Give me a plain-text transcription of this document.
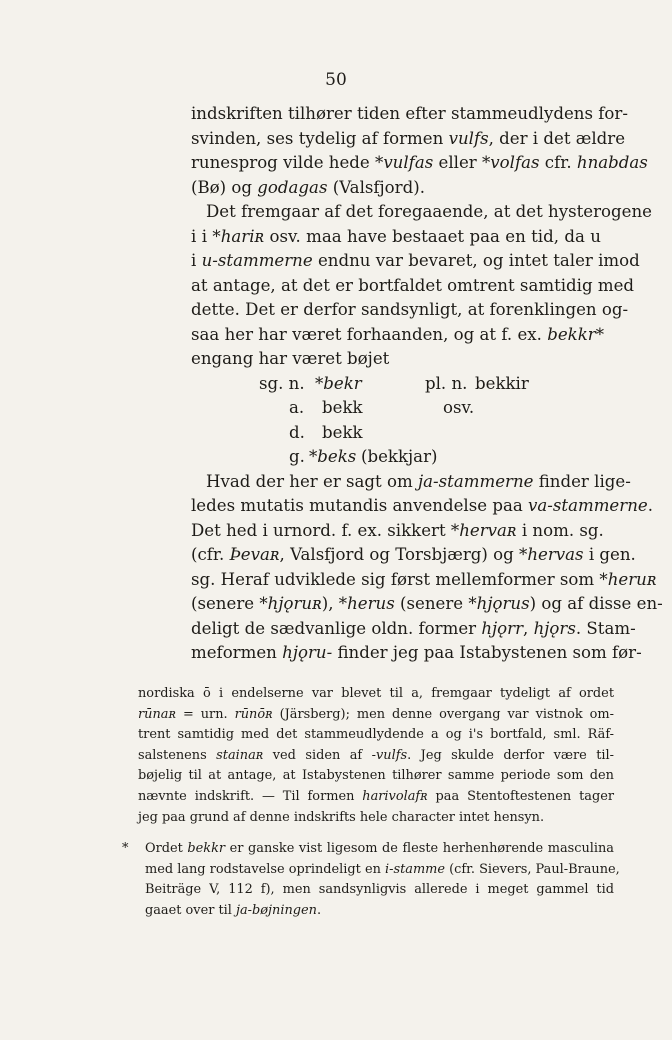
50
indskriften tilhører tiden efter stammeudlydens for-
svinden, ses tydelig af formen vulfs, der i det ældre
runesprog vilde hede *vulfas eller *volfas cfr. hnabdas
(Bø) og godagas (Valsfjord).
Det fremgaar af det foregaaende, at det hysterogene
i i *hariʀ osv. maa have bestaaet paa en tid, da u
i u-stammerne endnu var bevaret, og intet taler imod
at antage, at det er bortfaldet omtrent samtidig med
dette. Det er derfor sandsynligt, at forenklingen og-
saa her har været forhaanden, og at f. ex. bekkr*
engang har været bøjet
sg. n. *bekr	pl. n. bekkir
a. bekk	osv.
d. bekk
g. *beks (bekkjar)
Hvad der her er sagt om ja-stammerne finder lige-
ledes mutatis mutandis anvendelse paa va-stammerne.
Det hed i urnord. f. ex. sikkert *hervaʀ i nom. sg.
(cfr. Þevaʀ, Valsfjord og Torsbjærg) og *hervas i gen.
sg. Heraf udviklede sig først mellemformer som *heruʀ
(senere *hjǫruʀ), *herus (senere *hjǫrus) og af disse en-
deligt de sædvanlige oldn. former hjǫrr, hjǫrs. Stam-
meformen hjǫru- finder jeg paa Istabystenen som før-
nordiska ō i endelserne var blevet til a, fremgaar tydeligt af ordet
rūnaʀ = urn. rūnōʀ (Järsberg); men denne overgang var vistnok om-
trent samtidig med det stammeudlydende a og i's bortfald, sml. Räf-
salstenens stainaʀ ved siden af -vulfs. Jeg skulde derfor være til-
bøjelig til at antage, at Istabystenen tilhører samme periode som den
nævnte indskrift. — Til formen harivolafʀ paa Stentoftestenen tager
jeg paa grund af denne indskrifts hele character intet hensyn.
*	Ordet bekkr er ganske vist ligesom de fleste herhenhørende masculina
med lang rodstavelse oprindeligt en i-stamme (cfr. Sievers, Paul-Braune,
Beiträge V, 112 f), men sandsynligvis allerede i meget gammel tid
gaaet over til ja-bøjningen.
